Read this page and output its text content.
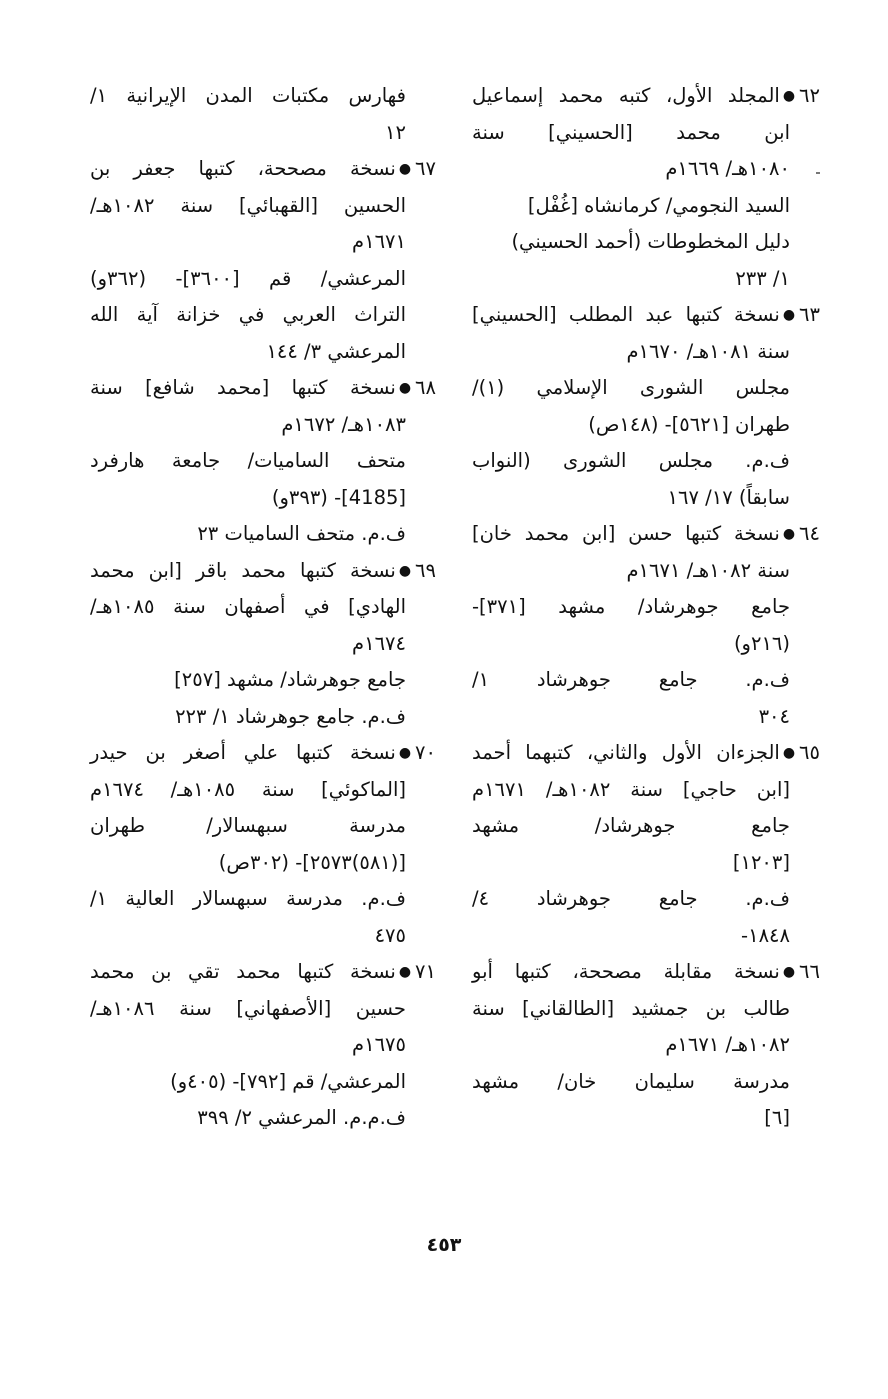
٦٢●المجلد الأول، كتبه محمد إسماعيل
ابن محمد [الحسيني] سنة
١٠٨٠هـ/ ١٦٦٩م
السيد النجومي/ كرمانشاه [غُفْل]
دليل المخطوطات (أحمد الحسيني)
١/ ٢٣٣
٦٣●نسخة كتبها عبد المطلب [الحسيني]
سنة ١٠٨١هـ/ ١٦٧٠م
مجلس الشورى الإسلامي (١)/
طهران [٥٦٢١]- (١٤٨ص)
ف.م. مجلس الشورى (النواب
سابقاً) ١٧/ ١٦٧
٦٤●نسخة كتبها حسن [ابن محمد خان]
سنة ١٠٨٢هـ/ ١٦٧١م
جامع جوهرشاد/ مشهد [٣٧١]-
(٢١٦و)
ف.م. جامع جوهرشاد ١/
٣٠٤
٦٥●الجزءان الأول والثاني، كتبهما أحمد
[ابن حاجي] سنة ١٠٨٢هـ/ ١٦٧١م
جامع جوهرشاد/ مشهد
[١٢٠٣]
ف.م. جامع جوهرشاد ٤/
١٨٤٨-
٦٦●نسخة مقابلة مصححة، كتبها أبو
طالب بن جمشيد [الطالقاني] سنة
١٠٨٢هـ/ ١٦٧١م
مدرسة سليمان خان/ مشهد
[٦]
فهارس مكتبات المدن الإيرانية ١/
١٢
٦٧●نسخة مصححة، كتبها جعفر بن
الحسين [القهبائي] سنة ١٠٨٢هـ/
١٦٧١م
المرعشي/ قم [٣٦٠٠]- (٣٦٢و)
التراث العربي في خزانة آية الله
المرعشي ٣/ ١٤٤
٦٨●نسخة كتبها [محمد شافع] سنة
١٠٨٣هـ/ ١٦٧٢م
متحف الساميات/ جامعة هارفرد
[4185]- (٣٩٣و)
ف.م. متحف الساميات ٢٣
٦٩●نسخة كتبها محمد باقر [ابن محمد
الهادي] في أصفهان سنة ١٠٨٥هـ/
١٦٧٤م
جامع جوهرشاد/ مشهد [٢٥٧]
ف.م. جامع جوهرشاد ١/ ٢٢٣
٧٠●نسخة كتبها علي أصغر بن حيدر
[الماكوئي] سنة ١٠٨٥هـ/ ١٦٧٤م
مدرسة سبهسالار/ طهران
[(٥٨١)٢٥٧٣]- (٣٠٢ص)
ف.م. مدرسة سبهسالار العالية ١/
٤٧٥
٧١●نسخة كتبها محمد تقي بن محمد
حسين [الأصفهاني] سنة ١٠٨٦هـ/
١٦٧٥م
المرعشي/ قم [٧٩٢]- (٤٠٥و)
ف.م.م. المرعشي ٢/ ٣٩٩
٤٥٣
